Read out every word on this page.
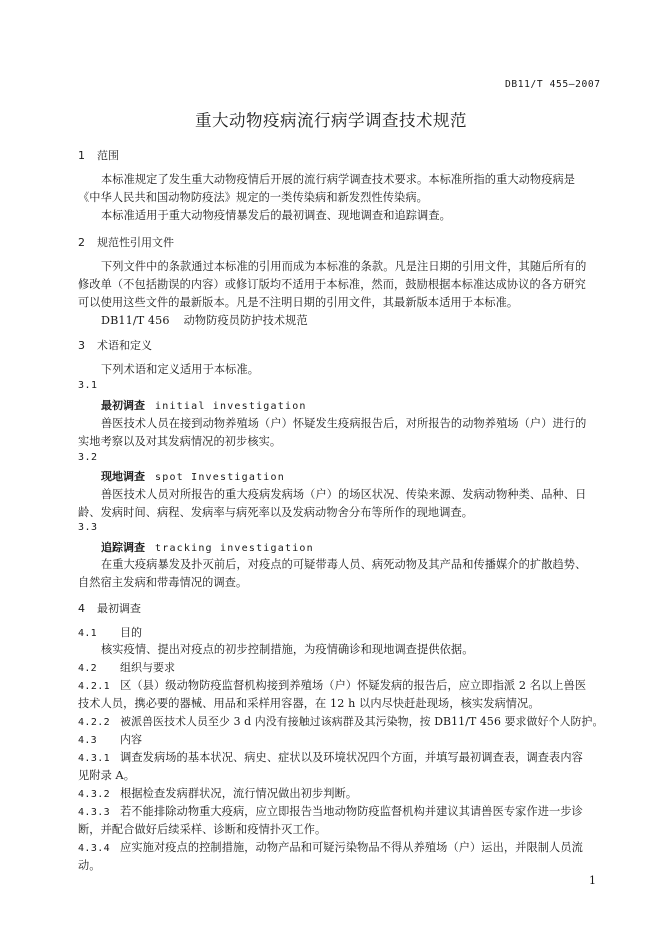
DB11/T 455—2007
重大动物疫病流行病学调查技术规范
1 范围
本标准规定了发生重大动物疫情后开展的流行病学调查技术要求。本标准所指的重大动物疫病是
《中华人民共和国动物防疫法》规定的一类传染病和新发烈性传染病。
本标准适用于重大动物疫情暴发后的最初调查、现地调查和追踪调查。
2 规范性引用文件
下列文件中的条款通过本标准的引用而成为本标准的条款。凡是注日期的引用文件，其随后所有的
修改单（不包括勘误的内容）或修订版均不适用于本标准，然而，鼓励根据本标准达成协议的各方研究
可以使用这些文件的最新版本。凡是不注明日期的引用文件，其最新版本适用于本标准。
DB11/T 456 动物防疫员防护技术规范
3 术语和定义
下列术语和定义适用于本标准。
3.1
最初调查 initial investigation
兽医技术人员在接到动物养殖场（户）怀疑发生疫病报告后，对所报告的动物养殖场（户）进行的
实地考察以及对其发病情况的初步核实。
3.2
现地调查 spot Investigation
兽医技术人员对所报告的重大疫病发病场（户）的场区状况、传染来源、发病动物种类、品种、日
龄、发病时间、病程、发病率与病死率以及发病动物舍分布等所作的现地调查。
3.3
追踪调查 tracking investigation
在重大疫病暴发及扑灭前后，对疫点的可疑带毒人员、病死动物及其产品和传播媒介的扩散趋势、
自然宿主发病和带毒情况的调查。
4 最初调查
4.1 目的
核实疫情、提出对疫点的初步控制措施，为疫情确诊和现地调查提供依据。
4.2 组织与要求
4.2.1 区（县）级动物防疫监督机构接到养殖场（户）怀疑发病的报告后，应立即指派 2 名以上兽医
技术人员，携必要的器械、用品和采样用容器，在 12 h 以内尽快赶赴现场，核实发病情况。
4.2.2 被派兽医技术人员至少 3 d 内没有接触过该病群及其污染物，按 DB11/T 456 要求做好个人防护。
4.3 内容
4.3.1 调查发病场的基本状况、病史、症状以及环境状况四个方面，并填写最初调查表，调查表内容
见附录 A。
4.3.2 根据检查发病群状况，流行情况做出初步判断。
4.3.3 若不能排除动物重大疫病，应立即报告当地动物防疫监督机构并建议其请兽医专家作进一步诊
断，并配合做好后续采样、诊断和疫情扑灭工作。
4.3.4 应实施对疫点的控制措施，动物产品和可疑污染物品不得从养殖场（户）运出，并限制人员流
动。
1
